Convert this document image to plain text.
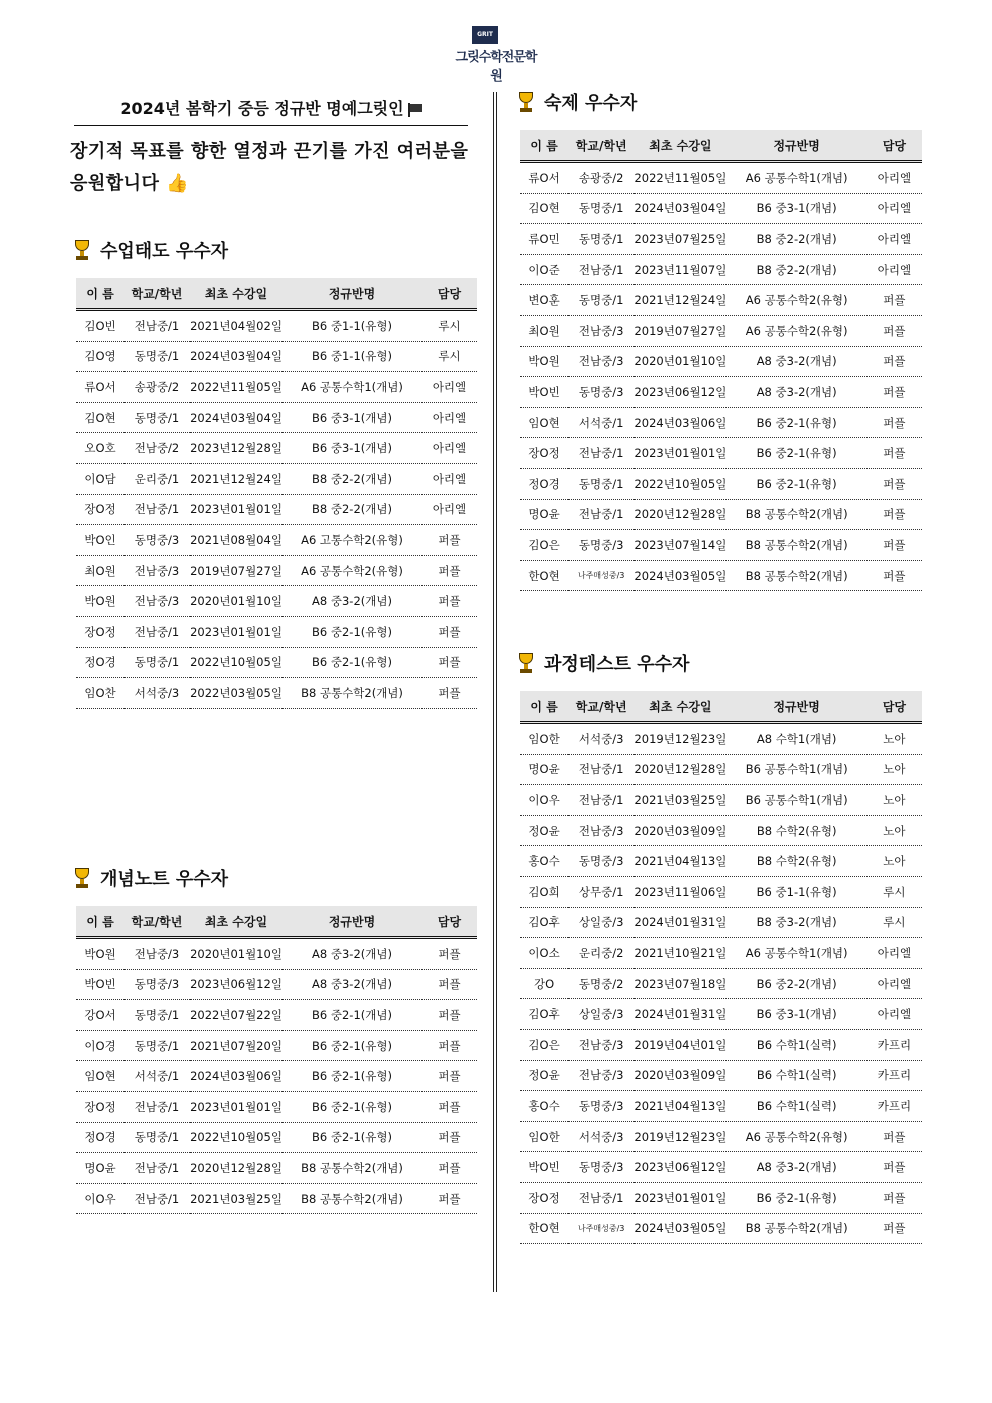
GRIT
그릿수학전문학원
2024년 봄학기 중등 정규반 명예그릿인
장기적 목표를 향한 열정과 끈기를 가진 여러분을
응원합니다 👍
수업태도 우수자
이 름	학교/학년	최초 수강일	정규반명	담당
김O빈	전남중/1	2021년04월02일	B6 중1-1(유형)	루시
김O영	동명중/1	2024년03월04일	B6 중1-1(유형)	루시
류O서	송광중/2	2022년11월05일	A6 공통수학1(개념)	아리엘
김O현	동명중/1	2024년03월04일	B6 중3-1(개념)	아리엘
오O호	전남중/2	2023년12월28일	B6 중3-1(개념)	아리엘
이O담	운리중/1	2021년12월24일	B8 중2-2(개념)	아리엘
장O정	전남중/1	2023년01월01일	B8 중2-2(개념)	아리엘
박O인	동명중/3	2021년08월04일	A6 고통수학2(유형)	퍼플
최O원	전남중/3	2019년07월27일	A6 공통수학2(유형)	퍼플
박O원	전남중/3	2020년01월10일	A8 중3-2(개념)	퍼플
장O정	전남중/1	2023년01월01일	B6 중2-1(유형)	퍼플
정O경	동명중/1	2022년10월05일	B6 중2-1(유형)	퍼플
임O찬	서석중/3	2022년03월05일	B8 공통수학2(개념)	퍼플
개념노트 우수자
이 름	학교/학년	최초 수강일	정규반명	담당
박O원	전남중/3	2020년01월10일	A8 중3-2(개념)	퍼플
박O빈	동명중/3	2023년06월12일	A8 중3-2(개념)	퍼플
강O서	동명중/1	2022년07월22일	B6 중2-1(개념)	퍼플
이O경	동명중/1	2021년07월20일	B6 중2-1(유형)	퍼플
임O현	서석중/1	2024년03월06일	B6 중2-1(유형)	퍼플
장O정	전남중/1	2023년01월01일	B6 중2-1(유형)	퍼플
정O경	동명중/1	2022년10월05일	B6 중2-1(유형)	퍼플
명O윤	전남중/1	2020년12월28일	B8 공통수학2(개념)	퍼플
이O우	전남중/1	2021년03월25일	B8 공통수학2(개념)	퍼플
숙제 우수자
이 름	학교/학년	최초 수강일	정규반명	담당
류O서	송광중/2	2022년11월05일	A6 공통수학1(개념)	아리엘
김O현	동명중/1	2024년03월04일	B6 중3-1(개념)	아리엘
류O민	동명중/1	2023년07월25일	B8 중2-2(개념)	아리엘
이O준	전남중/1	2023년11월07일	B8 중2-2(개념)	아리엘
변O훈	동명중/1	2021년12월24일	A6 공통수학2(유형)	퍼플
최O원	전남중/3	2019년07월27일	A6 공통수학2(유형)	퍼플
박O원	전남중/3	2020년01월10일	A8 중3-2(개념)	퍼플
박O빈	동명중/3	2023년06월12일	A8 중3-2(개념)	퍼플
임O현	서석중/1	2024년03월06일	B6 중2-1(유형)	퍼플
장O정	전남중/1	2023년01월01일	B6 중2-1(유형)	퍼플
정O경	동명중/1	2022년10월05일	B6 중2-1(유형)	퍼플
명O윤	전남중/1	2020년12월28일	B8 공통수학2(개념)	퍼플
김O은	동명중/3	2023년07월14일	B8 공통수학2(개념)	퍼플
한O현	나주매성중/3	2024년03월05일	B8 공통수학2(개념)	퍼플
과정테스트 우수자
이 름	학교/학년	최초 수강일	정규반명	담당
임O한	서석중/3	2019년12월23일	A8 수학1(개념)	노아
명O윤	전남중/1	2020년12월28일	B6 공통수학1(개념)	노아
이O우	전남중/1	2021년03월25일	B6 공통수학1(개념)	노아
정O윤	전남중/3	2020년03월09일	B8 수학2(유형)	노아
홍O수	동명중/3	2021년04월13일	B8 수학2(유형)	노아
김O희	상무중/1	2023년11월06일	B6 중1-1(유형)	루시
김O후	상일중/3	2024년01월31일	B8 중3-2(개념)	루시
이O소	운리중/2	2021년10월21일	A6 공통수학1(개념)	아리엘
강O	동명중/2	2023년07월18일	B6 중2-2(개념)	아리엘
김O후	상일중/3	2024년01월31일	B6 중3-1(개념)	아리엘
김O은	전남중/3	2019년04년01일	B6 수학1(실력)	카프리
정O윤	전남중/3	2020년03월09일	B6 수학1(실력)	카프리
홍O수	동명중/3	2021년04월13일	B6 수학1(실력)	카프리
임O한	서석중/3	2019년12월23일	A6 공통수학2(유형)	퍼플
박O빈	동명중/3	2023년06월12일	A8 중3-2(개념)	퍼플
장O정	전남중/1	2023년01월01일	B6 중2-1(유형)	퍼플
한O현	나주매성중/3	2024년03월05일	B8 공통수학2(개념)	퍼플
